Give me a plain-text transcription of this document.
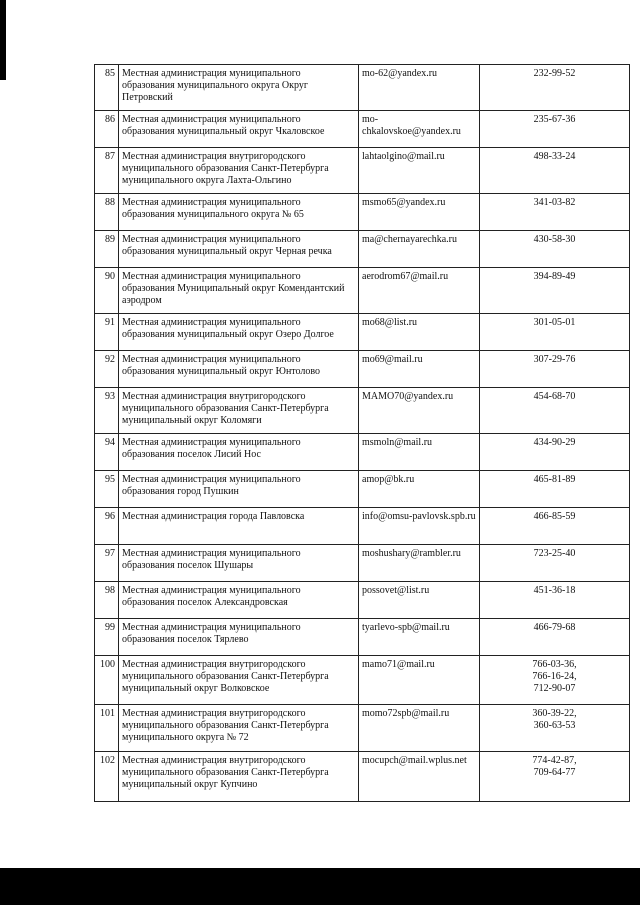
85	Местная администрация муниципального образования муниципального округа Округ Петровский	mo-62@yandex.ru	232-99-52

86	Местная администрация муниципального образования муниципальный округ Чкаловское	mo-chkalovskoe@yandex.ru	235-67-36

87	Местная администрация внутригородского муниципального образования Санкт-Петербурга муниципального округа Лахта-Ольгино	lahtaolgino@mail.ru	498-33-24

88	Местная администрация муниципального образования муниципального округа № 65	msmo65@yandex.ru	341-03-82

89	Местная администрация муниципального образования муниципальный округ Черная речка	ma@chernayarechka.ru	430-58-30

90	Местная администрация муниципального образования Муниципальный округ Комендантский аэродром	aerodrom67@mail.ru	394-89-49

91	Местная администрация муниципального образования муниципальный округ Озеро Долгое	mo68@list.ru	301-05-01

92	Местная администрация муниципального образования муниципальный округ Юнтолово	mo69@mail.ru	307-29-76

93	Местная администрация внутригородского муниципального образования Санкт-Петербурга муниципальный округ Коломяги	MAMO70@yandex.ru	454-68-70

94	Местная администрация муниципального образования поселок Лисий Нос	msmoln@mail.ru	434-90-29

95	Местная администрация муниципального образования город Пушкин	amop@bk.ru	465-81-89

96	Местная администрация города Павловска	info@omsu-pavlovsk.spb.ru	466-85-59

97	Местная администрация муниципального образования поселок Шушары	moshushary@rambler.ru	723-25-40

98	Местная администрация муниципального образования поселок Александровская	possovet@list.ru	451-36-18

99	Местная администрация муниципального образования поселок Тярлево	tyarlevo-spb@mail.ru	466-79-68

100	Местная администрация внутригородского муниципального образования Санкт-Петербурга муниципальный округ Волковское	mamo71@mail.ru	766-03-36,
766-16-24,
712-90-07

101	Местная администрация внутригородского муниципального образования Санкт-Петербурга муниципального округа № 72	momo72spb@mail.ru	360-39-22,
360-63-53

102	Местная администрация внутригородского муниципального образования Санкт-Петербурга муниципальный округ Купчино	mocupch@mail.wplus.net	774-42-87,
709-64-77
